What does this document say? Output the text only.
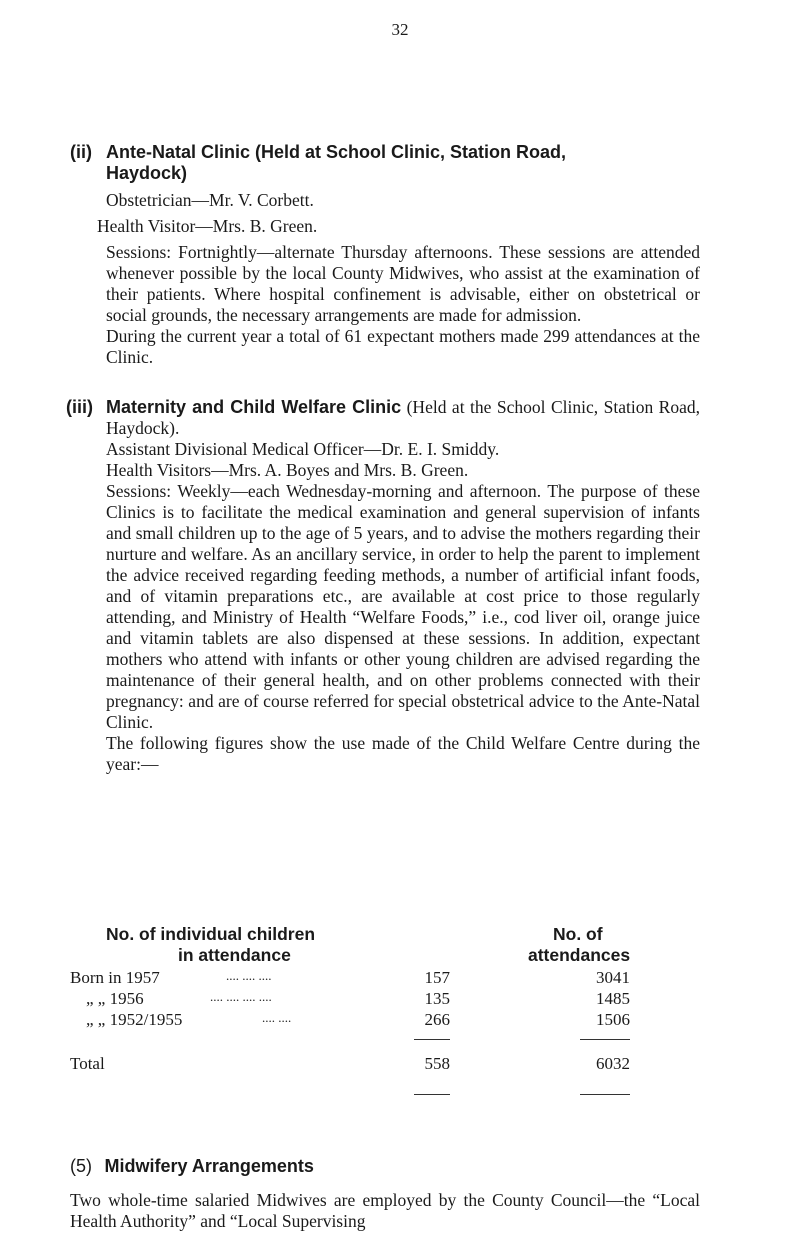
32
(ii) Ante-Natal Clinic (Held at School Clinic, Station Road,

Haydock)

Obstetrician—Mr. V. Corbett.

Health Visitor—Mrs. B. Green.

Sessions: Fortnightly—alternate Thursday afternoons. These sessions are attended whenever possible by the local County Midwives, who assist at the examination of their patients. Where hospital confinement is advisable, either on obstetrical or social grounds, the necessary arrangements are made for admission.

During the current year a total of 61 expectant mothers made 299 attendances at the Clinic.

(iii) Maternity and Child Welfare Clinic (Held at the School Clinic, Station Road, Haydock).

Assistant Divisional Medical Officer—Dr. E. I. Smiddy.

Health Visitors—Mrs. A. Boyes and Mrs. B. Green.

Sessions: Weekly—each Wednesday-morning and afternoon. The purpose of these Clinics is to facilitate the medical examination and general supervision of infants and small children up to the age of 5 years, and to advise the mothers regarding their nurture and welfare. As an ancillary service, in order to help the parent to implement the advice received regarding feeding methods, a number of artificial infant foods, and of vitamin preparations etc., are available at cost price to those regularly attending, and Ministry of Health “Welfare Foods,” i.e., cod liver oil, orange juice and vitamin tablets are also dispensed at these sessions. In addition, expectant mothers who attend with infants or other young children are advised regarding the maintenance of their general health, and on other problems connected with their pregnancy: and are of course referred for special obstetrical advice to the Ante-Natal Clinic.

The following figures show the use made of the Child Welfare Centre during the year:—

No. of individual children
in attendance
No. of
attendances
Born in 1957	.... .... ....	157	3041
„ „ 1956	.... .... .... ....	135	1485
„ „ 1952/1955	.... ....	266	1506
Total	558	6032
(5) Midwifery Arrangements
Two whole-time salaried Midwives are employed by the County Council—the “Local Health Authority” and “Local Supervising
